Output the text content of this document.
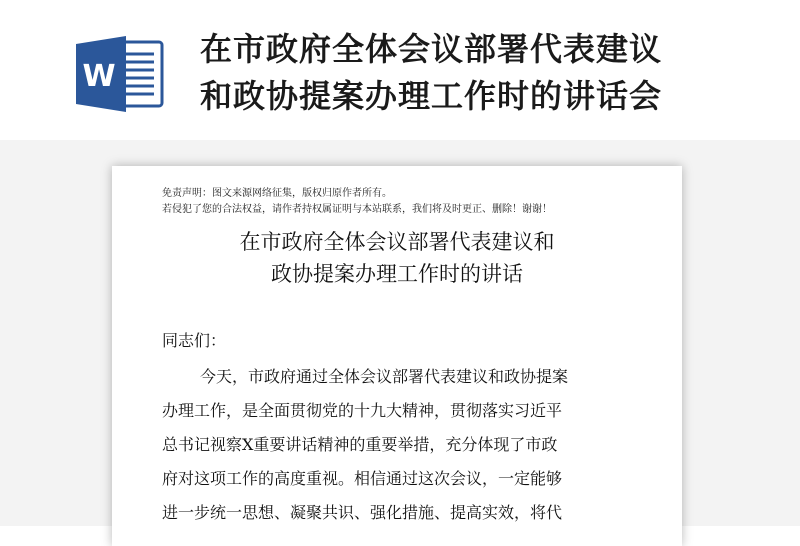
W
在市政府全体会议部署代表建议
和政协提案办理工作时的讲话会
免责声明：图文来源网络征集，版权归原作者所有。
若侵犯了您的合法权益，请作者持权属证明与本站联系，我们将及时更正、删除！谢谢！
在市政府全体会议部署代表建议和
政协提案办理工作时的讲话
同志们：
今天，市政府通过全体会议部署代表建议和政协提案
办理工作，是全面贯彻党的十九大精神，贯彻落实习近平
总书记视察X重要讲话精神的重要举措，充分体现了市政
府对这项工作的高度重视。相信通过这次会议，一定能够
进一步统一思想、凝聚共识、强化措施、提高实效，将代
